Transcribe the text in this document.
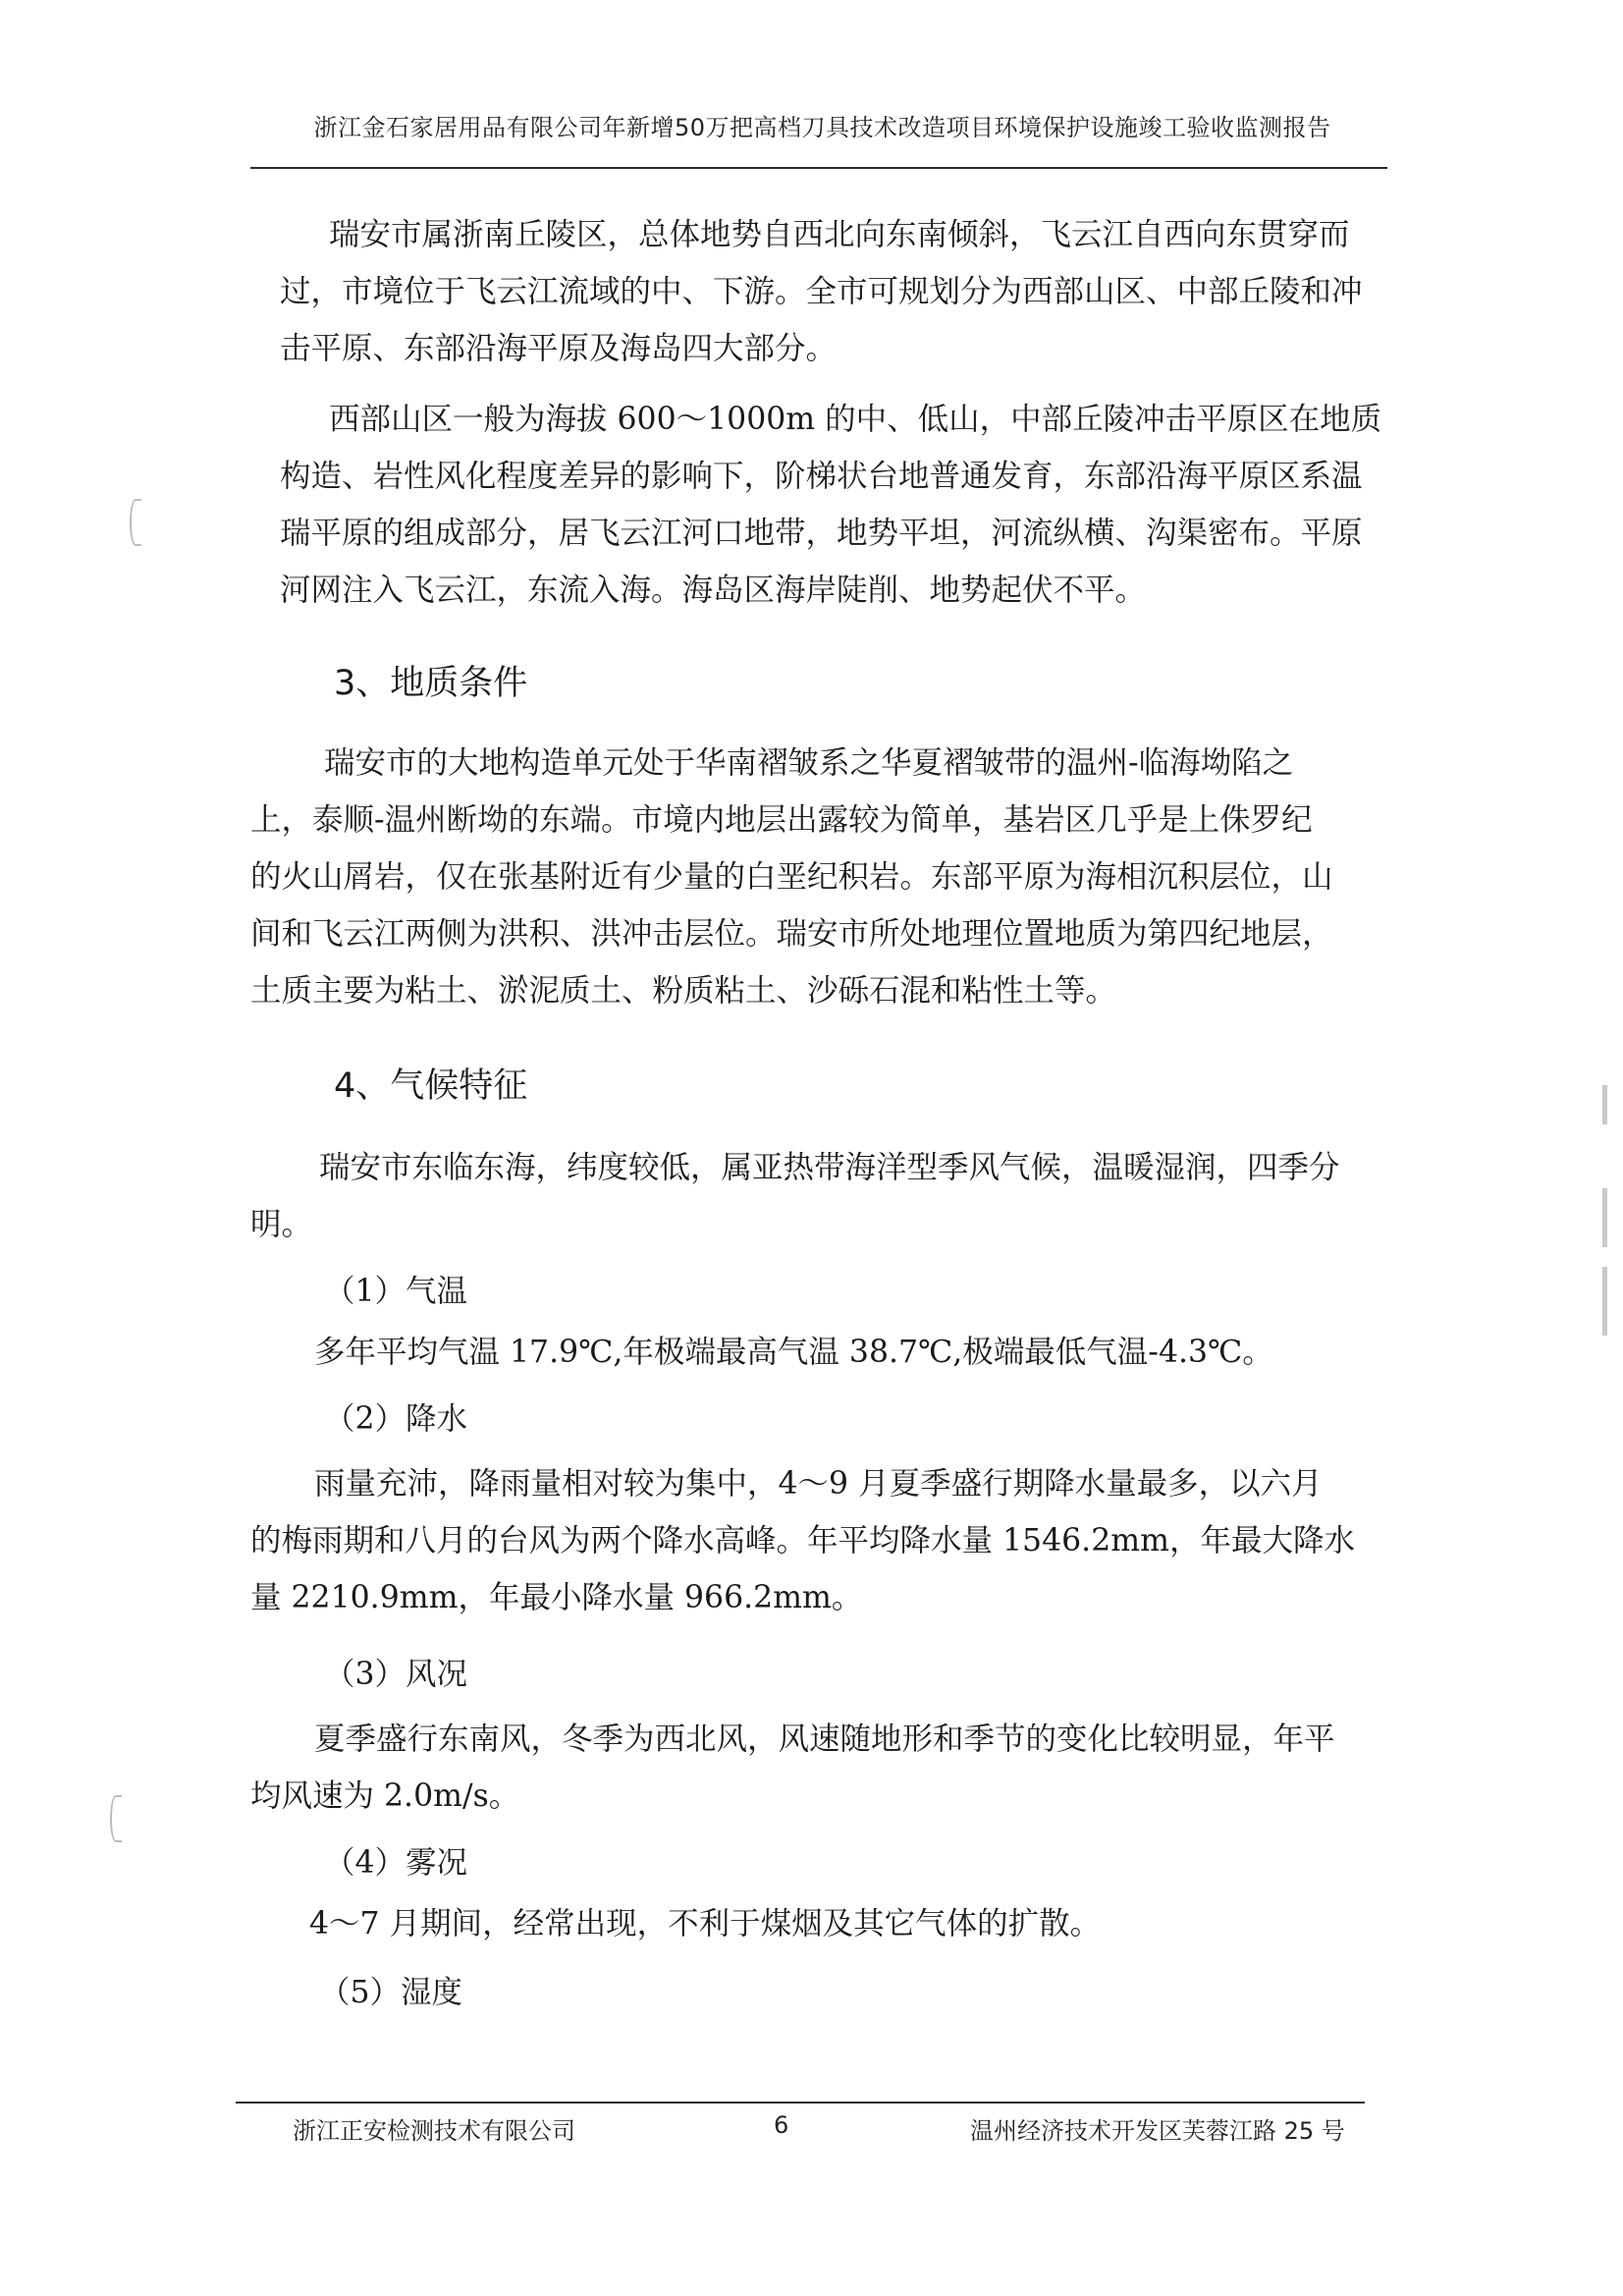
浙江金石家居用品有限公司年新增50万把高档刀具技术改造项目环境保护设施竣工验收监测报告
瑞安市属浙南丘陵区，总体地势自西北向东南倾斜，飞云江自西向东贯穿而
过，市境位于飞云江流域的中、下游。全市可规划分为西部山区、中部丘陵和冲
击平原、东部沿海平原及海岛四大部分。
西部山区一般为海拔 600～1000m 的中、低山，中部丘陵冲击平原区在地质
构造、岩性风化程度差异的影响下，阶梯状台地普通发育，东部沿海平原区系温
瑞平原的组成部分，居飞云江河口地带，地势平坦，河流纵横、沟渠密布。平原
河网注入飞云江，东流入海。海岛区海岸陡削、地势起伏不平。
3、地质条件
瑞安市的大地构造单元处于华南褶皱系之华夏褶皱带的温州-临海坳陷之
上，泰顺-温州断坳的东端。市境内地层出露较为简单，基岩区几乎是上侏罗纪
的火山屑岩，仅在张基附近有少量的白垩纪积岩。东部平原为海相沉积层位，山
间和飞云江两侧为洪积、洪冲击层位。瑞安市所处地理位置地质为第四纪地层，
土质主要为粘土、淤泥质土、粉质粘土、沙砾石混和粘性土等。
4、气候特征
瑞安市东临东海，纬度较低，属亚热带海洋型季风气候，温暖湿润，四季分
明。
（1）气温
多年平均气温 17.9℃,年极端最高气温 38.7℃,极端最低气温-4.3℃。
（2）降水
雨量充沛，降雨量相对较为集中，4～9 月夏季盛行期降水量最多，以六月
的梅雨期和八月的台风为两个降水高峰。年平均降水量 1546.2mm，年最大降水
量 2210.9mm，年最小降水量 966.2mm。
（3）风况
夏季盛行东南风，冬季为西北风，风速随地形和季节的变化比较明显，年平
均风速为 2.0m/s。
（4）雾况
4～7 月期间，经常出现，不利于煤烟及其它气体的扩散。
（5）湿度
浙江正安检测技术有限公司	6	温州经济技术开发区芙蓉江路 25 号
